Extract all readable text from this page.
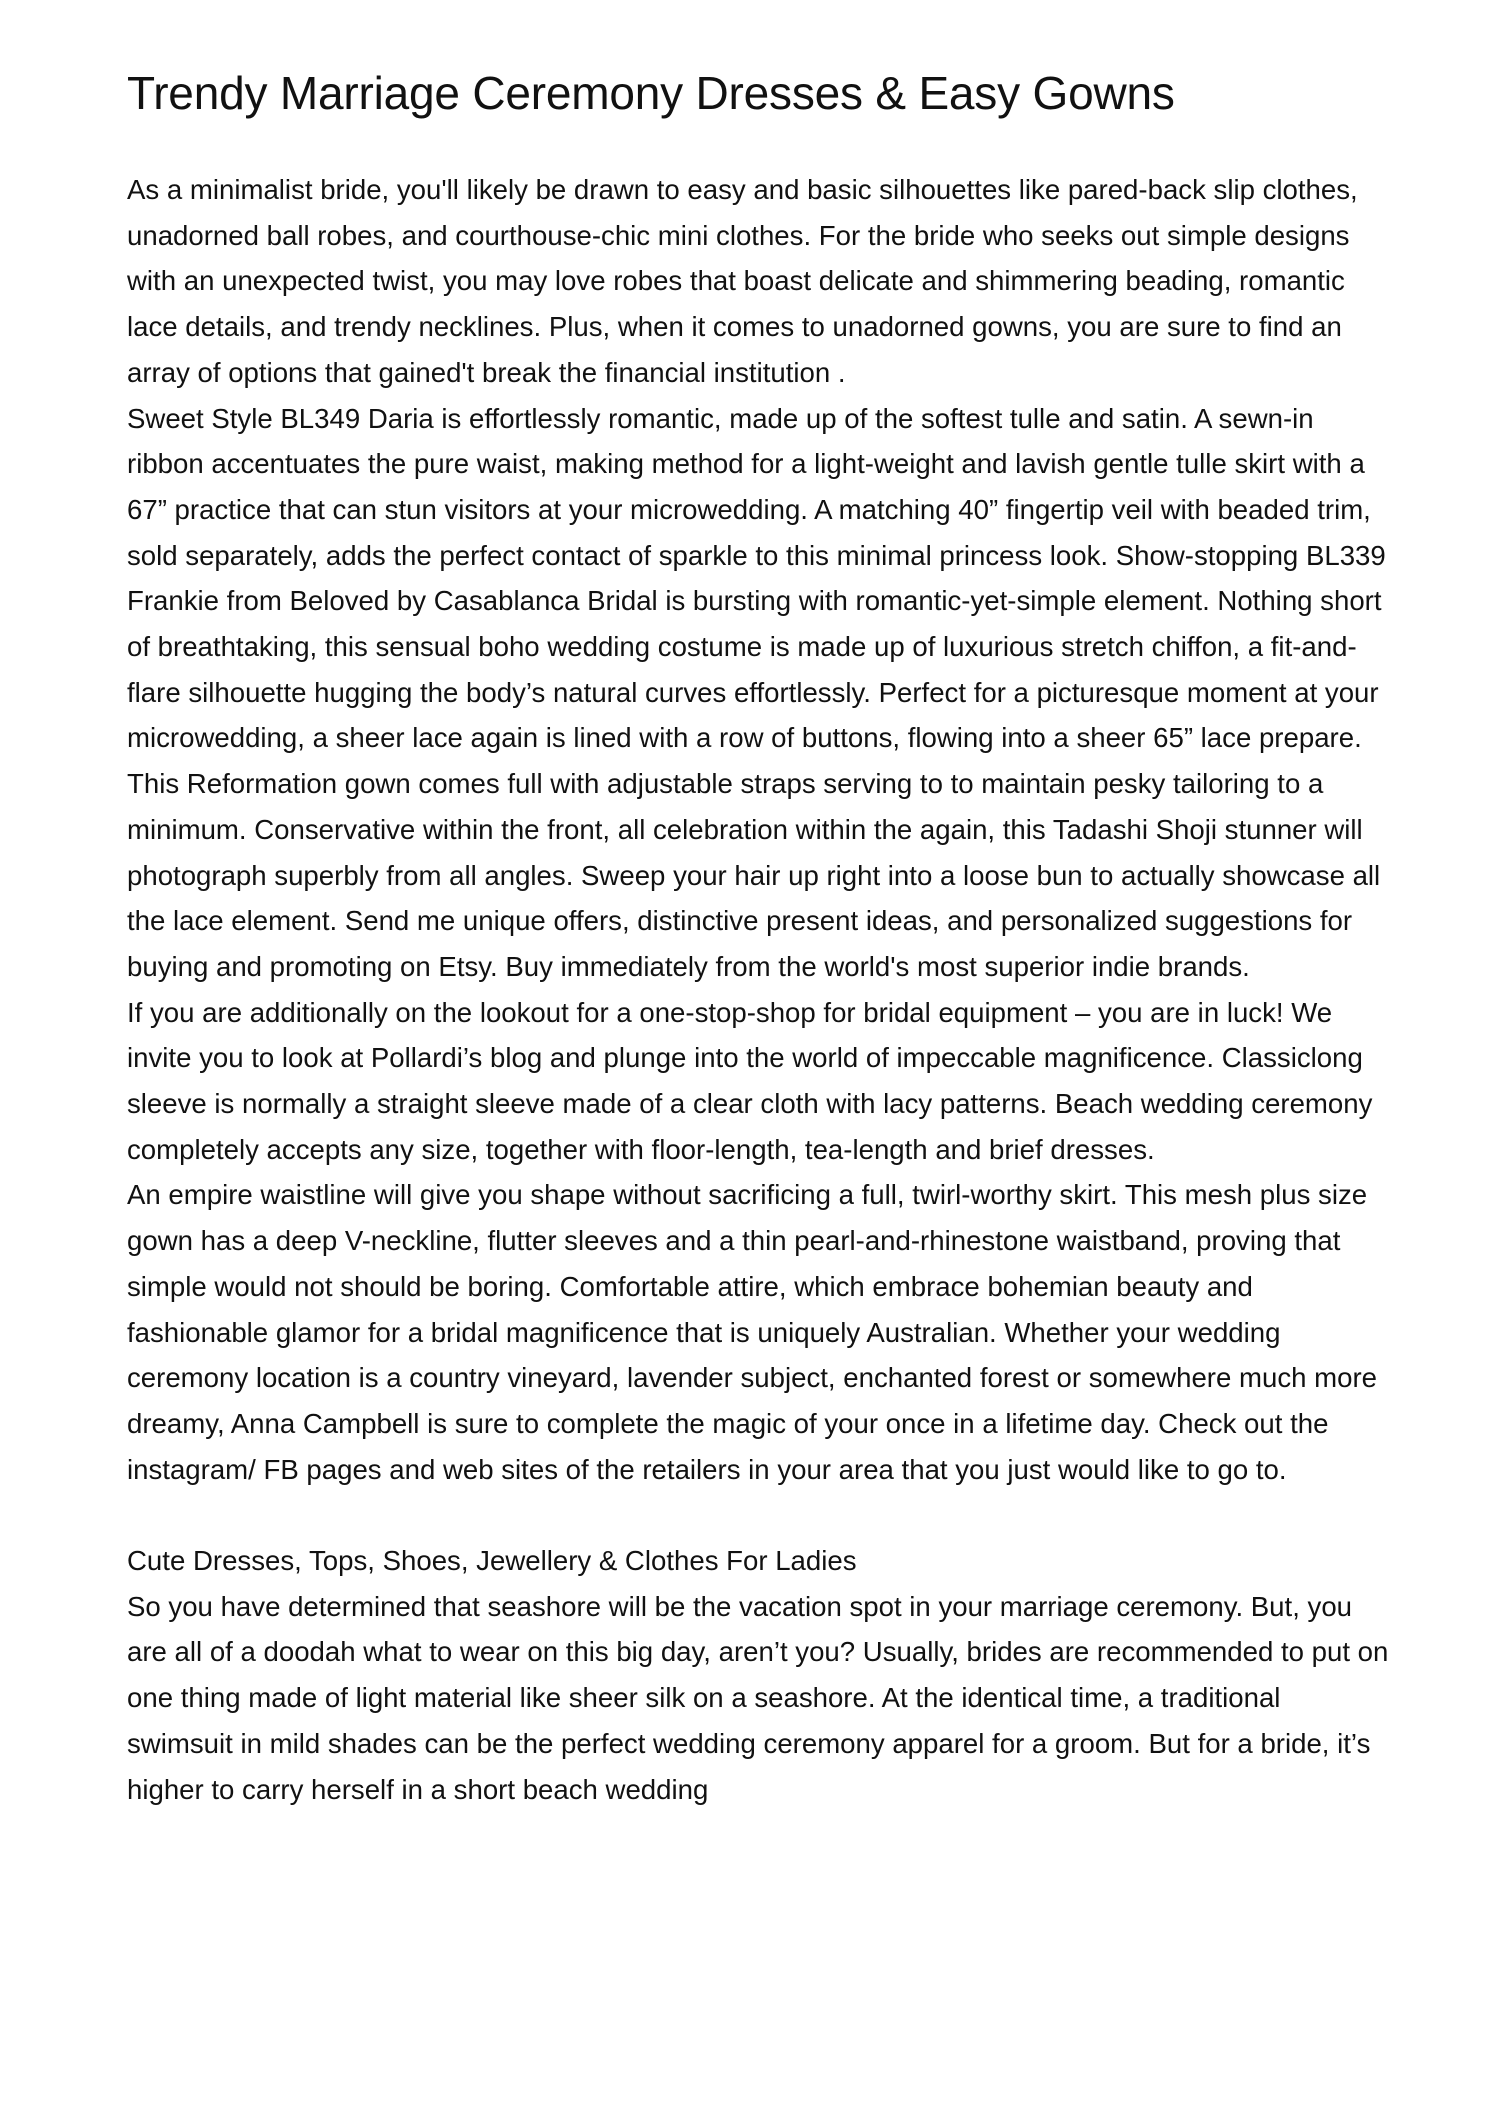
Trendy Marriage Ceremony Dresses & Easy Gowns

As a minimalist bride, you'll likely be drawn to easy and basic silhouettes like pared-back slip clothes, unadorned ball robes, and courthouse-chic mini clothes. For the bride who seeks out simple designs with an unexpected twist, you may love robes that boast delicate and shimmering beading, romantic lace details, and trendy necklines. Plus, when it comes to unadorned gowns, you are sure to find an array of options that gained't break the financial institution .

Sweet Style BL349 Daria is effortlessly romantic, made up of the softest tulle and satin. A sewn-in ribbon accentuates the pure waist, making method for a light-weight and lavish gentle tulle skirt with a 67” practice that can stun visitors at your microwedding. A matching 40” fingertip veil with beaded trim, sold separately, adds the perfect contact of sparkle to this minimal princess look. Show-stopping BL339 Frankie from Beloved by Casablanca Bridal is bursting with romantic-yet-simple element. Nothing short of breathtaking, this sensual boho wedding costume is made up of luxurious stretch chiffon, a fit-and-flare silhouette hugging the body’s natural curves effortlessly. Perfect for a picturesque moment at your microwedding, a sheer lace again is lined with a row of buttons, flowing into a sheer 65” lace prepare.

This Reformation gown comes full with adjustable straps serving to to maintain pesky tailoring to a minimum. Conservative within the front, all celebration within the again, this Tadashi Shoji stunner will photograph superbly from all angles. Sweep your hair up right into a loose bun to actually showcase all the lace element. Send me unique offers, distinctive present ideas, and personalized suggestions for buying and promoting on Etsy. Buy immediately from the world's most superior indie brands.

If you are additionally on the lookout for a one-stop-shop for bridal equipment – you are in luck! We invite you to look at Pollardi’s blog and plunge into the world of impeccable magnificence. Classiclong sleeve is normally a straight sleeve made of a clear cloth with lacy patterns. Beach wedding ceremony completely accepts any size, together with floor-length, tea-length and brief dresses.

An empire waistline will give you shape without sacrificing a full, twirl-worthy skirt. This mesh plus size gown has a deep V-neckline, flutter sleeves and a thin pearl-and-rhinestone waistband, proving that simple would not should be boring. Comfortable attire, which embrace bohemian beauty and fashionable glamor for a bridal magnificence that is uniquely Australian. Whether your wedding ceremony location is a country vineyard, lavender subject, enchanted forest or somewhere much more dreamy, Anna Campbell is sure to complete the magic of your once in a lifetime day. Check out the instagram/ FB pages and web sites of the retailers in your area that you just would like to go to.

Cute Dresses, Tops, Shoes, Jewellery & Clothes For Ladies

So you have determined that seashore will be the vacation spot in your marriage ceremony. But, you are all of a doodah what to wear on this big day, aren’t you? Usually, brides are recommended to put on one thing made of light material like sheer silk on a seashore. At the identical time, a traditional swimsuit in mild shades can be the perfect wedding ceremony apparel for a groom. But for a bride, it’s higher to carry herself in a short beach wedding
